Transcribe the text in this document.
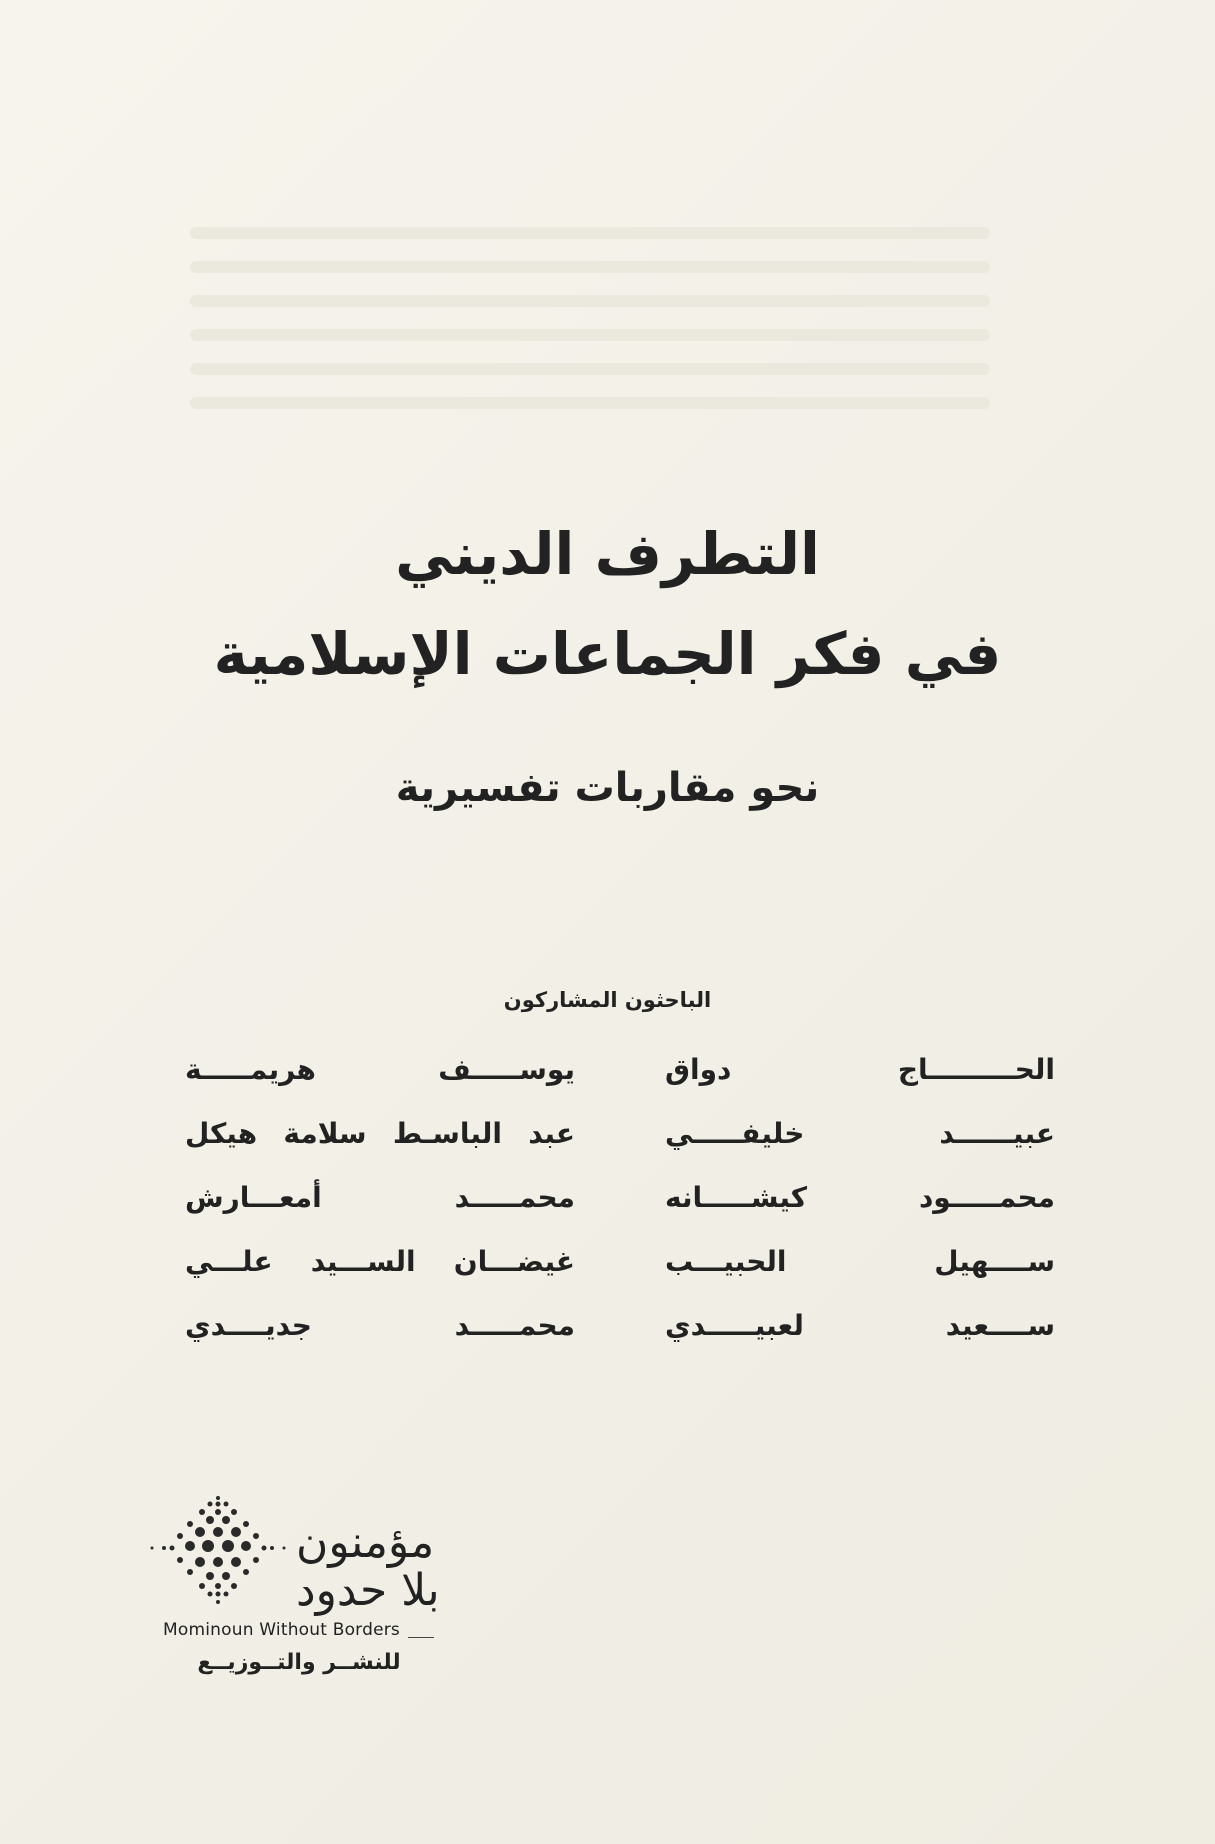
التطرف الديني
في فكر الجماعات الإسلامية
نحو مقاربات تفسيرية
الباحثون المشاركون
الحـــــــــاج دواق
يوســـــف هريمـــــة
عبيــــــد خليفـــــي
عبد الباسـط سلامة هيكل
محمـــــود كيشـــــانه
محمـــــد أمعـــارش
ســــهيل الحبيـــب
غيضـــان الســـيد علـــي
ســــعيد لعبيـــــدي
محمـــــد جديــــدي
مؤمنون
بلا حدود
Mominoun Without Borders
للنشــر والتــوزيــع
